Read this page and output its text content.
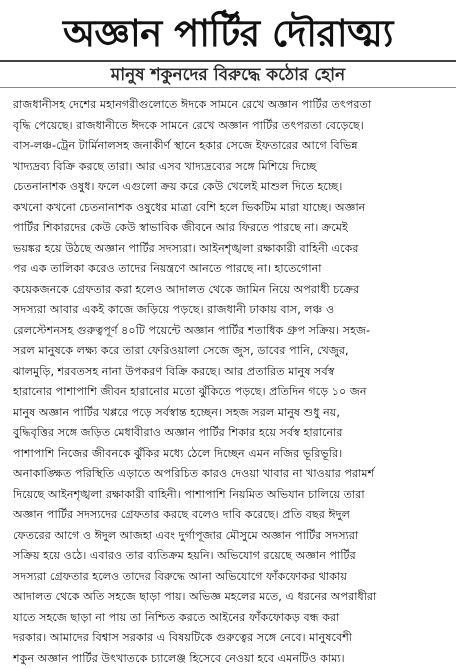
অজ্ঞান পার্টির দৌরাত্ম্য
মানুষ শকুনদের বিরুদ্ধে কঠোর হোন
রাজধানীসহ দেশের মহানগরীগুলোতে ঈদকে সামনে রেখে অজ্ঞান পার্টির তৎপরতা
বৃদ্ধি পেয়েছে। রাজধানীতে ঈদকে সামনে রেখে অজ্ঞান পার্টির তৎপরতা বেড়েছে।
বাস-লঞ্চ-ট্রেন টার্মিনালসহ জনাকীর্ণ স্থানে হকার সেজে ইফতারের আগে বিভিন্ন
খাদ্যদ্রব্য বিক্রি করছে তারা। আর এসব খাদ্যদ্রব্যের সঙ্গে মিশিয়ে দিচ্ছে
চেতনানাশক ওষুধ। ফলে এগুলো ক্রয় করে কেউ খেলেই মাশুল দিতে হচ্ছে।
কখনো কখনো চেতনানাশক ওষুধের মাত্রা বেশি হলে ভিকটিম মারা যাচ্ছে। অজ্ঞান
পার্টির শিকারদের কেউ কেউ স্বাভাবিক জীবনে আর ফিরতে পারছে না। ক্রমেই
ভয়ঙ্কর হয়ে উঠছে অজ্ঞান পার্টির সদস্যরা। আইনশৃঙ্খলা রক্ষাকারী বাহিনী একের
পর এক তালিকা করেও তাদের নিয়ন্ত্রণে আনতে পারছে না। হাতেগোনা
কয়েকজনকে গ্রেফতার করা হলেও আদালত থেকে জামিন নিয়ে অপরাধী চক্রের
সদস্যরা আবার একই কাজে জড়িয়ে পড়ছে। রাজধানী ঢাকায় বাস, লঞ্চ ও
রেলস্টেশনসহ গুরুত্বপূর্ণ ৪০টি পয়েন্টে অজ্ঞান পার্টির শতাধিক গ্রুপ সক্রিয়। সহজ-
সরল মানুষকে লক্ষ্য করে তারা ফেরিওয়ালা সেজে জুস, ডাবের পানি, খেজুর,
ঝালমুড়ি, শরবতসহ নানা উপকরণ বিক্রি করছে। আর প্রতারিত মানুষ সর্বস্ব
হারানোর পাশাপাশি জীবন হারানোর মতো ঝুঁকিতে পড়ছে। প্রতিদিন গড়ে ১০ জন
মানুষ অজ্ঞান পার্টির খপ্পরে পড়ে সর্বস্বান্ত হচ্ছেন। সহজ সরল মানুষ শুধু নয়,
বুদ্ধিবৃত্তির সঙ্গে জড়িত মেধাবীরাও অজ্ঞান পার্টির শিকার হয়ে সর্বস্ব হারানোর
পাশাপাশি নিজের জীবনকে ঝুঁকির মধ্যে ঠেলে দিচ্ছেন এমন নজির ভূরিভূরি।
অনাকাঙ্ক্ষিত পরিস্থিতি এড়াতে অপরিচিত কারও দেওয়া খাবার না খাওয়ার পরামর্শ
দিয়েছে আইনশৃঙ্খলা রক্ষাকারী বাহিনী। পাশাপাশি নিয়মিত অভিযান চালিয়ে তারা
অজ্ঞান পার্টির সদস্যদের গ্রেফতার করছে বলেও দাবি করেছে। প্রতি বছর ঈদুল
ফেতরের আগে ও ঈদুল আজহা এবং দুর্গাপূজার মৌসুমে অজ্ঞান পার্টির সদস্যরা
সক্রিয় হয়ে ওঠে। এবারও তার ব্যতিক্রম হয়নি। অভিযোগ রয়েছে অজ্ঞান পার্টির
সদস্যরা গ্রেফতার হলেও তাদের বিরুদ্ধে আনা অভিযোগে ফাঁকফোকর থাকায়
আদালত থেকে অতি সহজে ছাড়া পায়। অভিজ্ঞ মহলের মতে, এ ধরনের অপরাধীরা
যাতে সহজে ছাড়া না পায় তা নিশ্চিত করতে আইনের ফাঁকফোকড় বন্ধ করা
দরকার। আমাদের বিশ্বাস সরকার এ বিষয়টিকে গুরুত্বের সঙ্গে নেবে। মানুষবেশী
শকুন অজ্ঞান পার্টির উৎখাতকে চ্যালেঞ্জ হিসেবে নেওয়া হবে এমনটিও কাম্য।
